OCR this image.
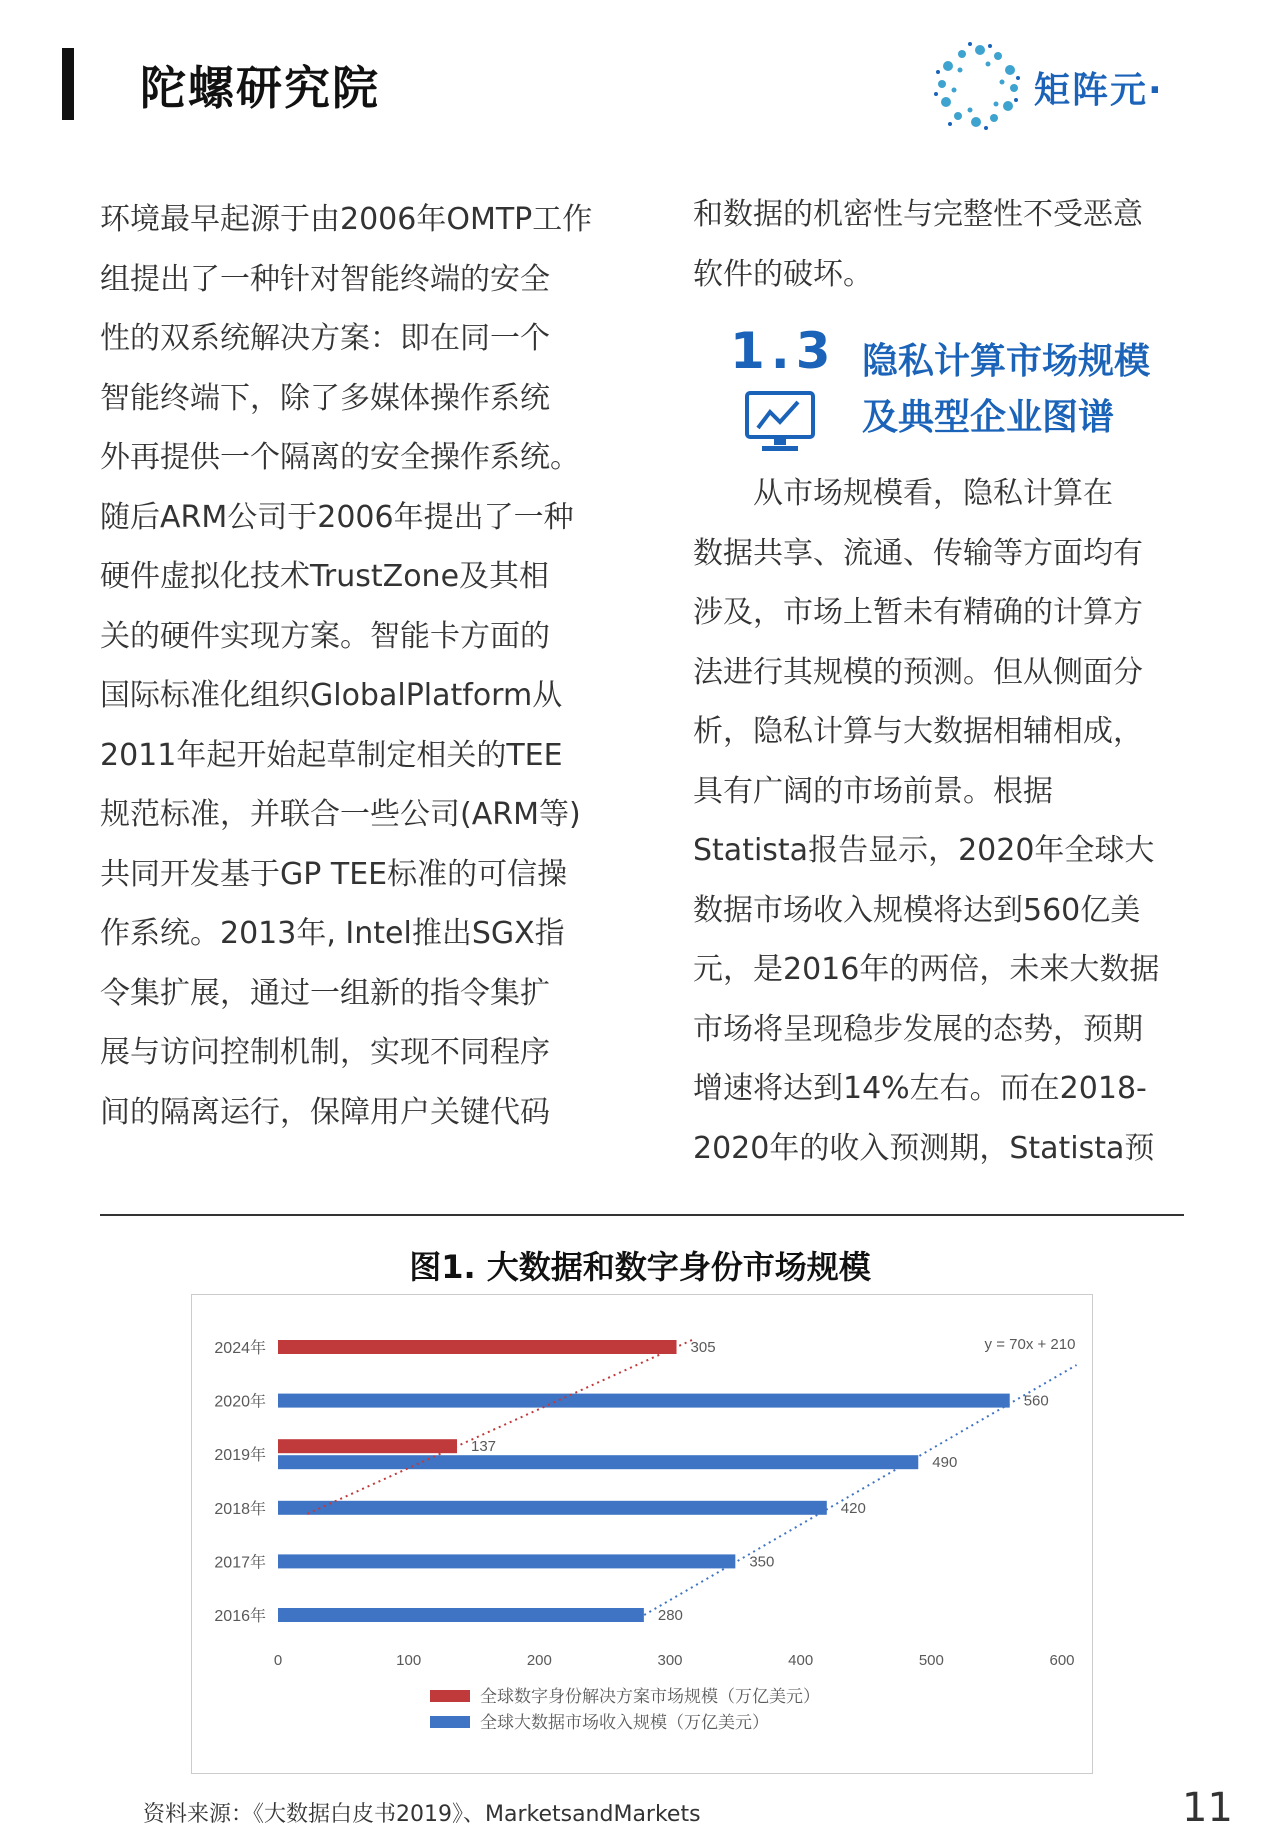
陀螺研究院	矩阵元·
环境最早起源于由2006年OMTP工作
组提出了一种针对智能终端的安全
性的双系统解决方案：即在同一个
智能终端下，除了多媒体操作系统
外再提供一个隔离的安全操作系统。
随后ARM公司于2006年提出了一种
硬件虚拟化技术TrustZone及其相
关的硬件实现方案。智能卡方面的
国际标准化组织GlobalPlatform从
2011年起开始起草制定相关的TEE
规范标准，并联合一些公司(ARM等)
共同开发基于GP TEE标准的可信操
作系统。2013年, Intel推出SGX指
令集扩展，通过一组新的指令集扩
展与访问控制机制，实现不同程序
间的隔离运行，保障用户关键代码
和数据的机密性与完整性不受恶意
软件的破坏。
1.3 隐私计算市场规模
及典型企业图谱
　　从市场规模看，隐私计算在
数据共享、流通、传输等方面均有
涉及，市场上暂未有精确的计算方
法进行其规模的预测。但从侧面分
析，隐私计算与大数据相辅相成，
具有广阔的市场前景。根据
Statista报告显示，2020年全球大
数据市场收入规模将达到560亿美
元，是2016年的两倍，未来大数据
市场将呈现稳步发展的态势，预期
增速将达到14%左右。而在2018-
2020年的收入预测期，Statista预
图1. 大数据和数字身份市场规模
2024年
2020年
2019年
2018年
2017年
2016年
0	100	200	300	400	500	600
305
137
560
490
420
350
280
y = 70x + 210
全球数字身份解决方案市场规模（万亿美元）
全球大数据市场收入规模（万亿美元）
资料来源：《大数据白皮书2019》、MarketsandMarkets	11
